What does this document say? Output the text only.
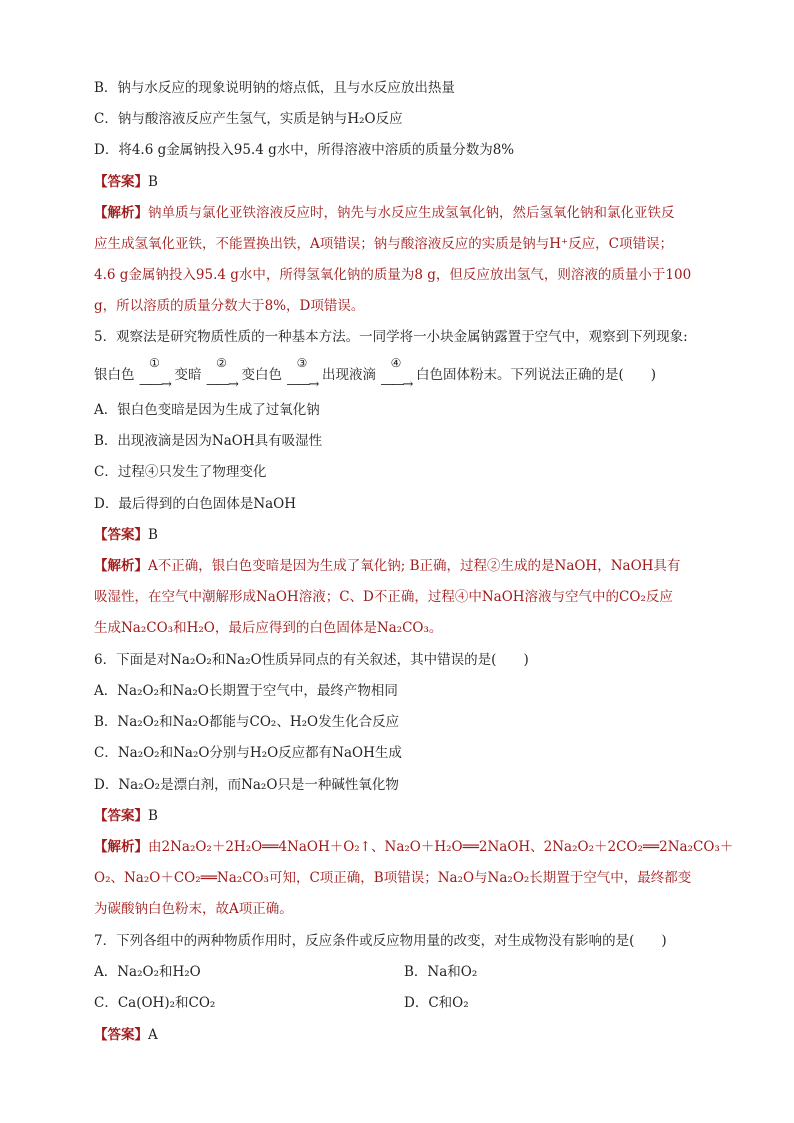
B．钠与水反应的现象说明钠的熔点低，且与水反应放出热量
C．钠与酸溶液反应产生氢气，实质是钠与H₂O反应
D．将4.6 g金属钠投入95.4 g水中，所得溶液中溶质的质量分数为8%
【答案】B
【解析】钠单质与氯化亚铁溶液反应时，钠先与水反应生成氢氧化钠，然后氢氧化钠和氯化亚铁反
应生成氢氧化亚铁，不能置换出铁，A项错误；钠与酸溶液反应的实质是钠与H⁺反应，C项错误；
4.6 g金属钠投入95.4 g水中，所得氢氧化钠的质量为8 g，但反应放出氢气，则溶液的质量小于100
g，所以溶质的质量分数大于8%，D项错误。
5．观察法是研究物质性质的一种基本方法。一同学将一小块金属钠露置于空气中，观察到下列现象:
银白色
①
——→
变暗
②
——→
变白色
③
——→
出现液滴
④
——→
白色固体粉末。下列说法正确的是(　　)
A．银白色变暗是因为生成了过氧化钠
B．出现液滴是因为NaOH具有吸湿性
C．过程④只发生了物理变化
D．最后得到的白色固体是NaOH
【答案】B
【解析】A不正确，银白色变暗是因为生成了氧化钠; B正确，过程②生成的是NaOH，NaOH具有
吸湿性，在空气中潮解形成NaOH溶液；C、D不正确，过程④中NaOH溶液与空气中的CO₂反应
生成Na₂CO₃和H₂O，最后应得到的白色固体是Na₂CO₃。
6．下面是对Na₂O₂和Na₂O性质异同点的有关叙述，其中错误的是(　　)
A．Na₂O₂和Na₂O长期置于空气中，最终产物相同
B．Na₂O₂和Na₂O都能与CO₂、H₂O发生化合反应
C．Na₂O₂和Na₂O分别与H₂O反应都有NaOH生成
D．Na₂O₂是漂白剂，而Na₂O只是一种碱性氧化物
【答案】B
【解析】由2Na₂O₂＋2H₂O══4NaOH＋O₂↑、Na₂O＋H₂O══2NaOH、2Na₂O₂＋2CO₂══2Na₂CO₃＋
O₂、Na₂O＋CO₂══Na₂CO₃可知，C项正确，B项错误；Na₂O与Na₂O₂长期置于空气中，最终都变
为碳酸钠白色粉末，故A项正确。
7．下列各组中的两种物质作用时，反应条件或反应物用量的改变，对生成物没有影响的是(　　)
A．Na₂O₂和H₂O	B．Na和O₂
C．Ca(OH)₂和CO₂	D．C和O₂
【答案】A
